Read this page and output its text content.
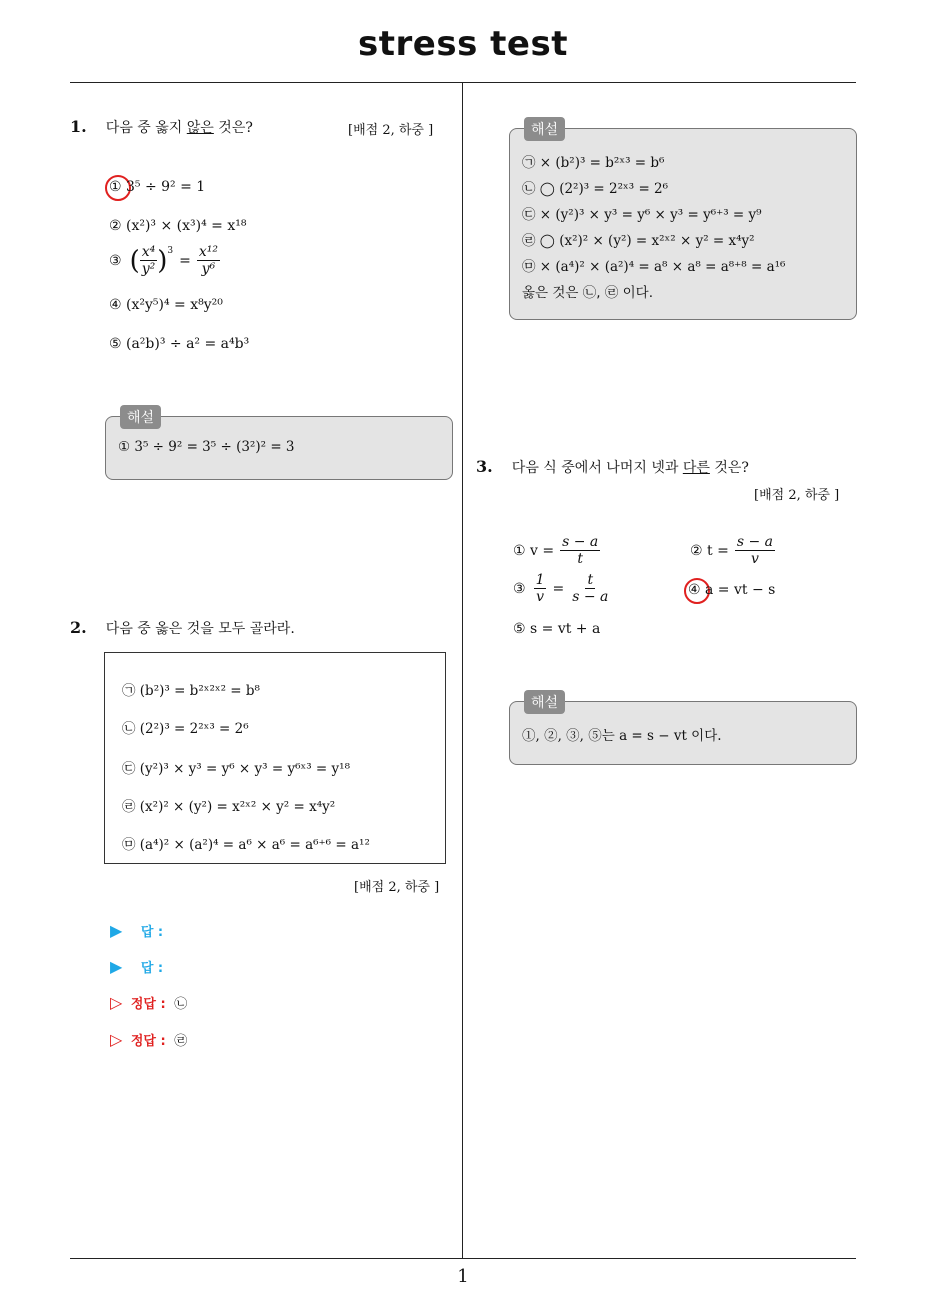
stress test
1. 다음 중 옳지 않은 것은?	[배점 2, 하중 ]
① 3⁵ ÷ 9² = 1
② (x²)³ × (x³)⁴ = x¹⁸
③ ( $\frac{\text{x⁴}}{\text{y²}} )^3$
= $\frac{\text{x¹²}}{\text{y⁶}}$
④ (x²y⁵)⁴ = x⁸y²⁰
⑤ (a²b)³ ÷ a² = a⁴b³
해설
① 3⁵ ÷ 9² = 3⁵ ÷ (3²)² = 3
2. 다음 중 옳은 것을 모두 골라라.
㉠ (b²)³ = b²ˣ²ˣ² = b⁸
㉡ (2²)³ = 2²ˣ³ = 2⁶
㉢ (y²)³ × y³ = y⁶ × y³ = y⁶ˣ³ = y¹⁸
㉣ (x²)² × (y²) = x²ˣ² × y² = x⁴y²
㉤ (a⁴)² × (a²)⁴ = a⁶ × a⁶ = a⁶⁺⁶ = a¹²
[배점 2, 하중 ]
▶ 답 :
▶ 답 :
▷ 정답 : ㉡
▷ 정답 : ㉣
해설
㉠ × (b²)³ = b²ˣ³ = b⁶
㉡ ◯ (2²)³ = 2²ˣ³ = 2⁶
㉢ × (y²)³ × y³ = y⁶ × y³ = y⁶⁺³ = y⁹
㉣ ◯ (x²)² × (y²) = x²ˣ² × y² = x⁴y²
㉤ × (a⁴)² × (a²)⁴ = a⁸ × a⁸ = a⁸⁺⁸ = a¹⁶
옳은 것은 ㉡, ㉣ 이다.
3. 다음 식 중에서 나머지 넷과 다른 것은?
[배점 2, 하중 ]
① $v = \frac{s - a}{t}$	② $t = \frac{s - a}{v}$
③ $\frac{1}{v} = \frac{t}{s - a}$	④ a = vt − s
⑤ s = vt + a
해설
①, ②, ③, ⑤는 a = s − vt 이다.
1
